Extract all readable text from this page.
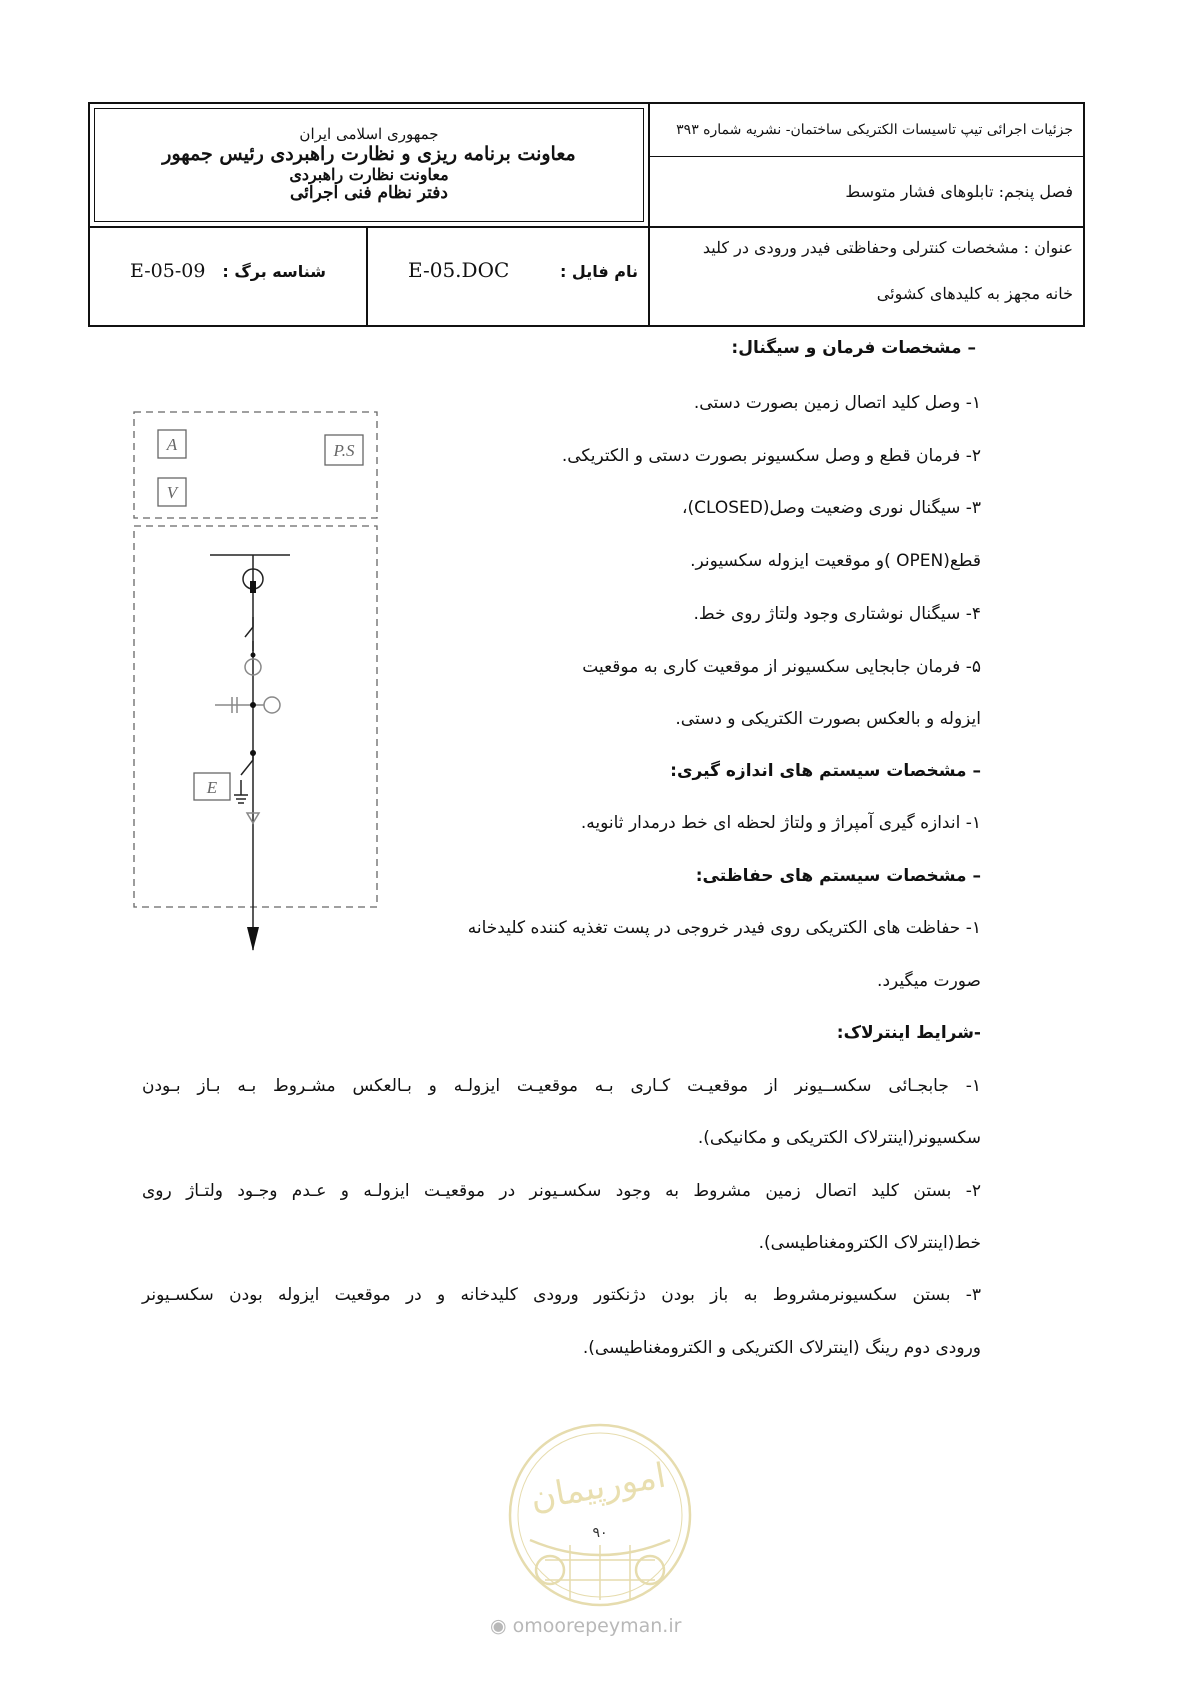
جمهوری اسلامی ایران
معاونت برنامه ریزی و نظارت راهبردی رئیس جمهور
معاونت نظارت راهبردی
دفتر نظام فنی اجرائی
جزئیات اجرائی تیپ تاسیسات الکتریکی ساختمان- نشریه شماره ۳۹۳
فصل پنجم: تابلوهای فشار متوسط
عنوان : مشخصات کنترلی وحفاظتی فیدر ورودی در کلید
خانه مجهز به کلیدهای کشوئی
نام فایل :
E-05.DOC
شناسه برگ :
E-05-09
A
V
P.S
E
– مشخصات فرمان و سیگنال:
۱- وصل کلید اتصال زمین بصورت دستی.
۲- فرمان قطع و وصل سکسیونر بصورت دستی و الکتریکی.
۳- سیگنال نوری وضعیت وصل(CLOSED)،
قطع(OPEN )و موقعیت ایزوله سکسیونر.
۴- سیگنال نوشتاری وجود ولتاژ روی خط.
۵- فرمان جابجایی سکسیونر از موقعیت کاری به موقعیت
ایزوله و بالعکس بصورت الکتریکی و دستی.
– مشخصات سیستم های اندازه گیری:
۱- اندازه گیری آمپراژ و ولتاژ لحظه ای خط درمدار ثانویه.
– مشخصات سیستم های حفاظتی:
۱- حفاظت های الکتریکی روی فیدر خروجی در پست تغذیه کننده کلیدخانه
صورت میگیرد.
-شرایط اینترلاک:
۱- جابجـائی سکســیونر از موقعیـت کـاری بـه موقعیـت ایزولـه و بـالعکس مشـروط بـه بـاز بـودن
سکسیونر(اینترلاک الکتریکی و مکانیکی).
۲- بستن کلید اتصال زمین مشروط به وجود سکسـیونر در موقعیـت ایزولـه و عـدم وجـود ولتـاژ روی
خط(اینترلاک الکترومغناطیسی).
۳- بستن سکسیونرمشروط به باز بودن دژنکتور ورودی کلیدخانه و در موقعیت ایزوله بودن سکسـیونر
ورودی دوم رینگ (اینترلاک الکتریکی و الکترومغناطیسی).
امورپیمان
۹۰
◉ omoorepeyman.ir
